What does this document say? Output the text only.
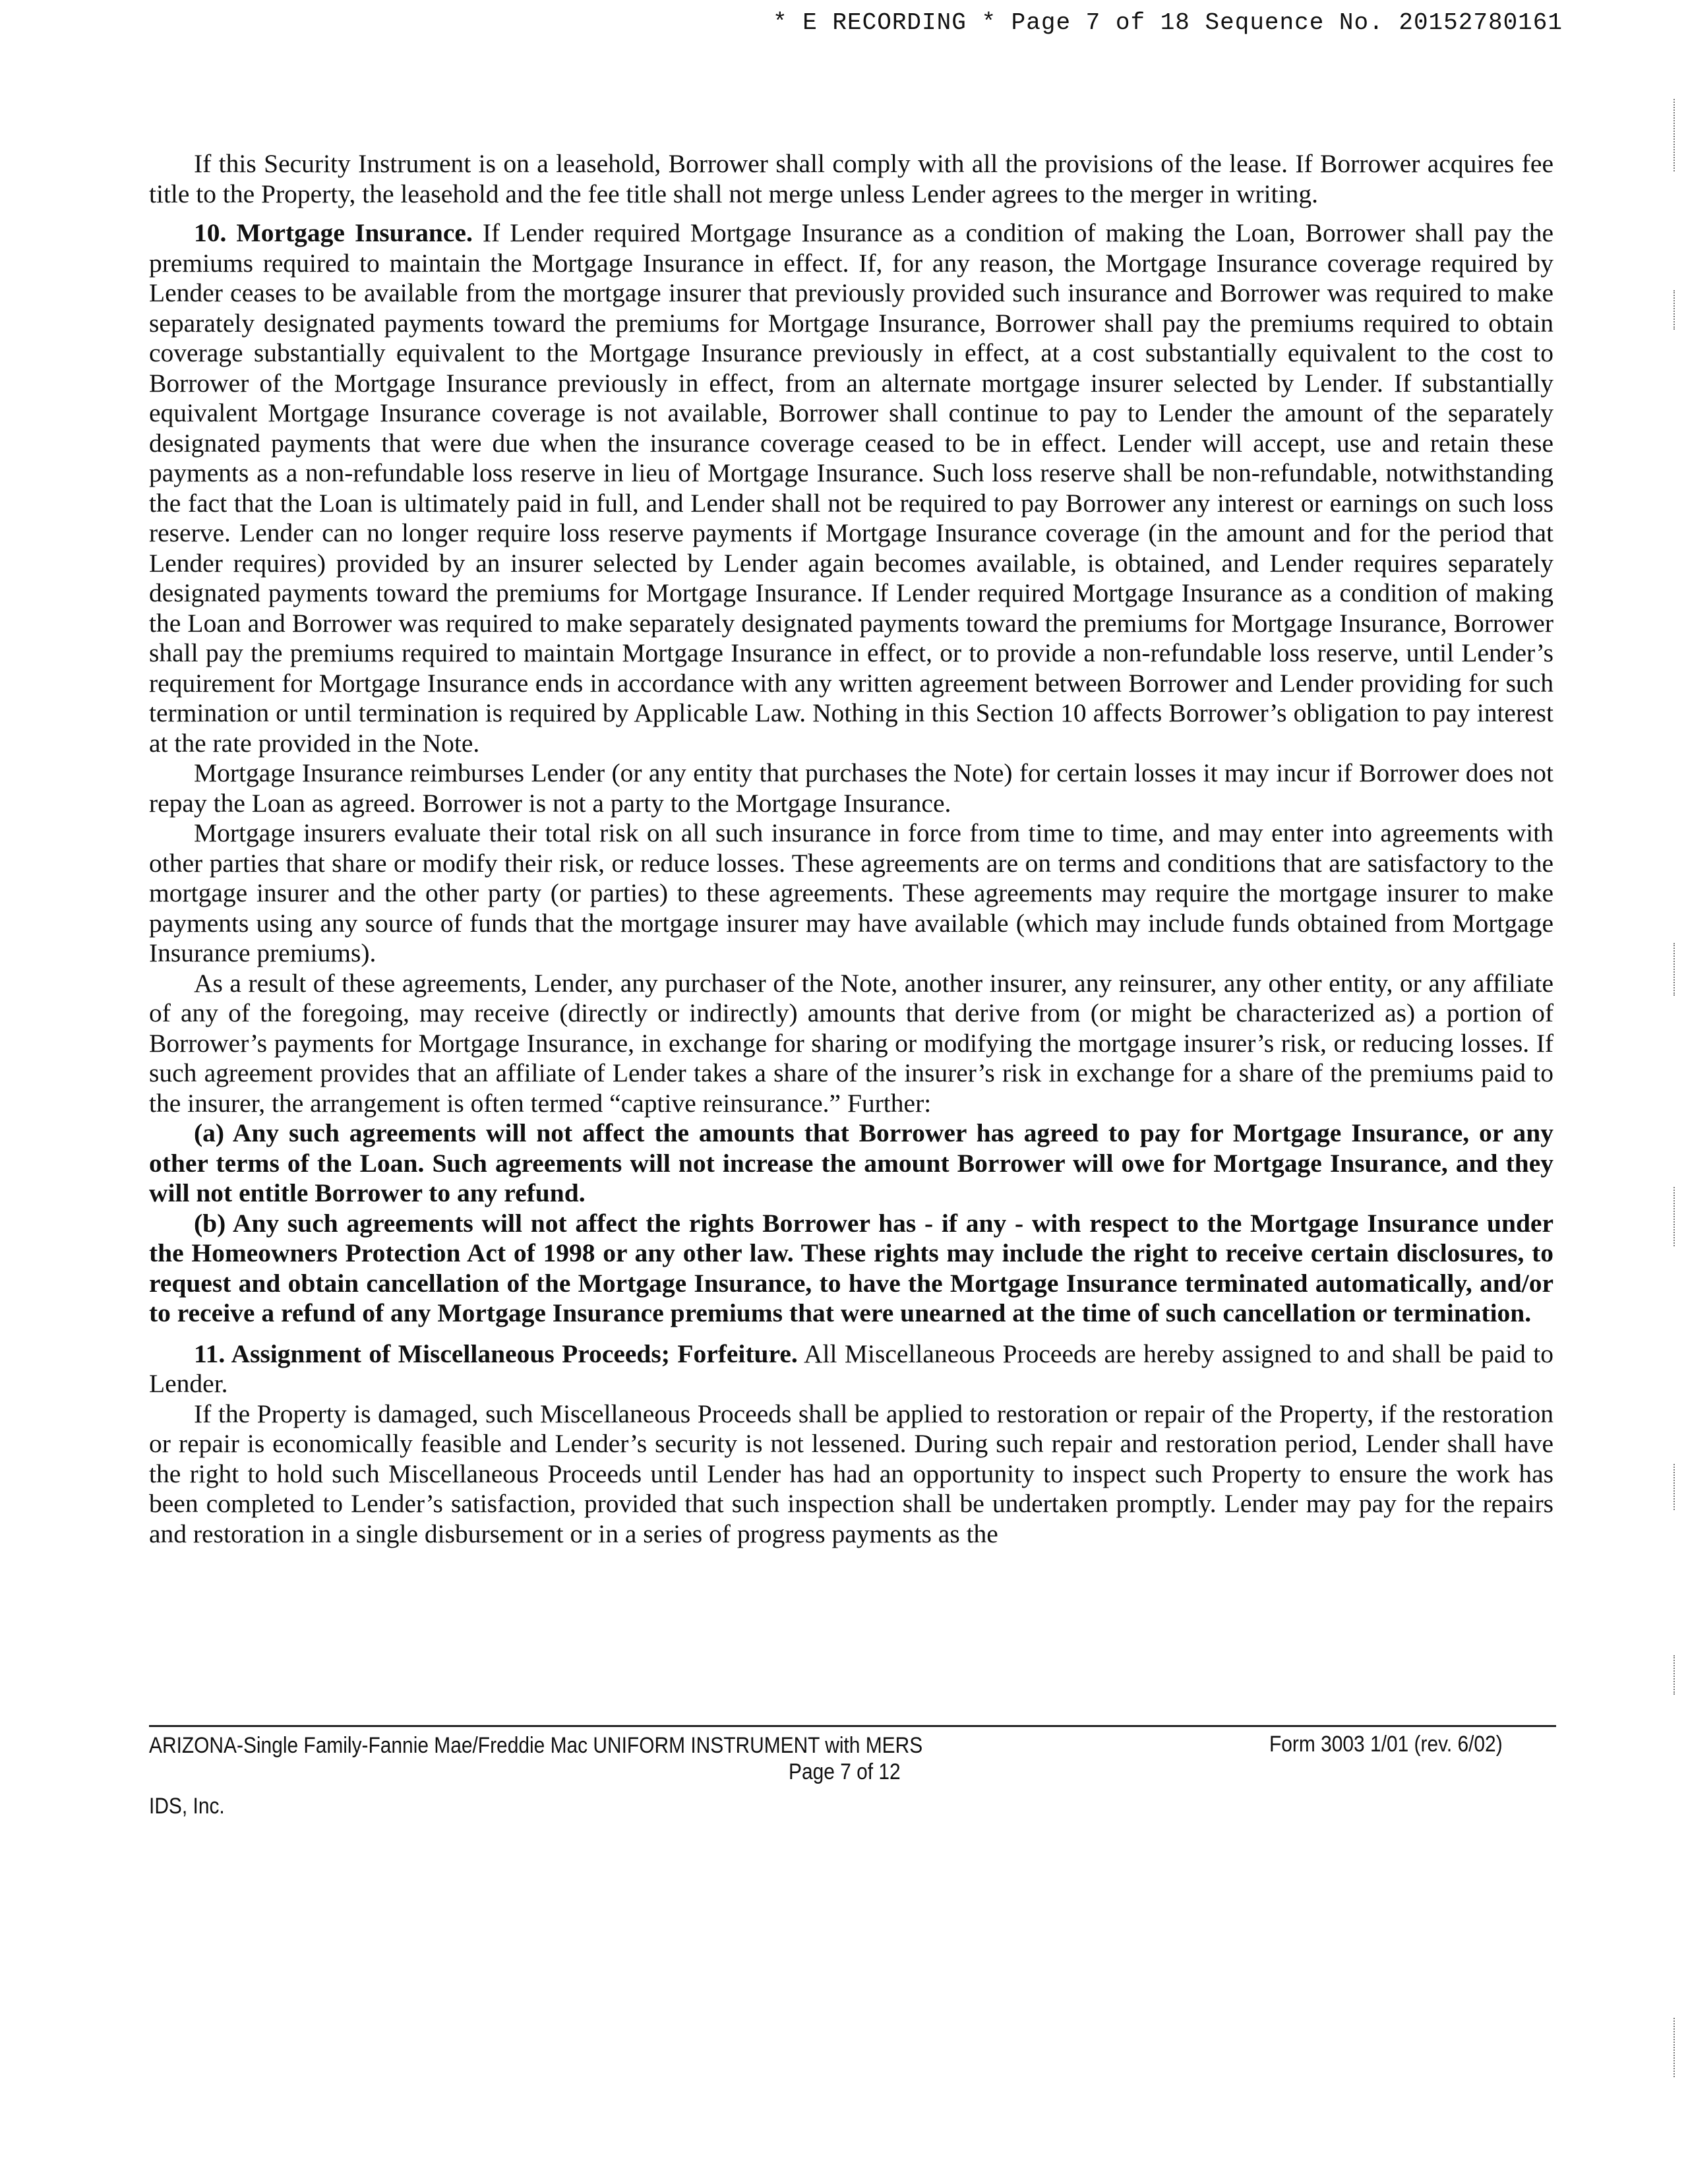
* E RECORDING * Page 7 of 18 Sequence No. 20152780161

If this Security Instrument is on a leasehold, Borrower shall comply with all the provisions of the lease. If Borrower acquires fee title to the Property, the leasehold and the fee title shall not merge unless Lender agrees to the merger in writing.

10. Mortgage Insurance. If Lender required Mortgage Insurance as a condition of making the Loan, Borrower shall pay the premiums required to maintain the Mortgage Insurance in effect. If, for any reason, the Mortgage Insurance coverage required by Lender ceases to be available from the mortgage insurer that previously provided such insurance and Borrower was required to make separately designated payments toward the premiums for Mortgage Insurance, Borrower shall pay the premiums required to obtain coverage substantially equivalent to the Mortgage Insurance previously in effect, at a cost substantially equivalent to the cost to Borrower of the Mortgage Insurance previously in effect, from an alternate mortgage insurer selected by Lender. If substantially equivalent Mortgage Insurance coverage is not available, Borrower shall continue to pay to Lender the amount of the separately designated payments that were due when the insurance coverage ceased to be in effect. Lender will accept, use and retain these payments as a non-refundable loss reserve in lieu of Mortgage Insurance. Such loss reserve shall be non-refundable, notwithstanding the fact that the Loan is ultimately paid in full, and Lender shall not be required to pay Borrower any interest or earnings on such loss reserve. Lender can no longer require loss reserve payments if Mortgage Insurance coverage (in the amount and for the period that Lender requires) provided by an insurer selected by Lender again becomes available, is obtained, and Lender requires separately designated payments toward the premiums for Mortgage Insurance. If Lender required Mortgage Insurance as a condition of making the Loan and Borrower was required to make separately designated payments toward the premiums for Mortgage Insurance, Borrower shall pay the premiums required to maintain Mortgage Insurance in effect, or to provide a non-refundable loss reserve, until Lender’s requirement for Mortgage Insurance ends in accordance with any written agreement between Borrower and Lender providing for such termination or until termination is required by Applicable Law. Nothing in this Section 10 affects Borrower’s obligation to pay interest at the rate provided in the Note.

Mortgage Insurance reimburses Lender (or any entity that purchases the Note) for certain losses it may incur if Borrower does not repay the Loan as agreed. Borrower is not a party to the Mortgage Insurance.

Mortgage insurers evaluate their total risk on all such insurance in force from time to time, and may enter into agreements with other parties that share or modify their risk, or reduce losses. These agreements are on terms and conditions that are satisfactory to the mortgage insurer and the other party (or parties) to these agreements. These agreements may require the mortgage insurer to make payments using any source of funds that the mortgage insurer may have available (which may include funds obtained from Mortgage Insurance premiums).

As a result of these agreements, Lender, any purchaser of the Note, another insurer, any reinsurer, any other entity, or any affiliate of any of the foregoing, may receive (directly or indirectly) amounts that derive from (or might be characterized as) a portion of Borrower’s payments for Mortgage Insurance, in exchange for sharing or modifying the mortgage insurer’s risk, or reducing losses. If such agreement provides that an affiliate of Lender takes a share of the insurer’s risk in exchange for a share of the premiums paid to the insurer, the arrangement is often termed “captive reinsurance.” Further:

(a) Any such agreements will not affect the amounts that Borrower has agreed to pay for Mortgage Insurance, or any other terms of the Loan. Such agreements will not increase the amount Borrower will owe for Mortgage Insurance, and they will not entitle Borrower to any refund.

(b) Any such agreements will not affect the rights Borrower has - if any - with respect to the Mortgage Insurance under the Homeowners Protection Act of 1998 or any other law. These rights may include the right to receive certain disclosures, to request and obtain cancellation of the Mortgage Insurance, to have the Mortgage Insurance terminated automatically, and/or to receive a refund of any Mortgage Insurance premiums that were unearned at the time of such cancellation or termination.

11. Assignment of Miscellaneous Proceeds; Forfeiture. All Miscellaneous Proceeds are hereby assigned to and shall be paid to Lender.

If the Property is damaged, such Miscellaneous Proceeds shall be applied to restoration or repair of the Property, if the restoration or repair is economically feasible and Lender’s security is not lessened. During such repair and restoration period, Lender shall have the right to hold such Miscellaneous Proceeds until Lender has had an opportunity to inspect such Property to ensure the work has been completed to Lender’s satisfaction, provided that such inspection shall be undertaken promptly. Lender may pay for the repairs and restoration in a single disbursement or in a series of progress payments as the

ARIZONA-Single Family-Fannie Mae/Freddie Mac UNIFORM INSTRUMENT with MERS	Form 3003 1/01 (rev. 6/02)
Page 7 of 12
IDS, Inc.
